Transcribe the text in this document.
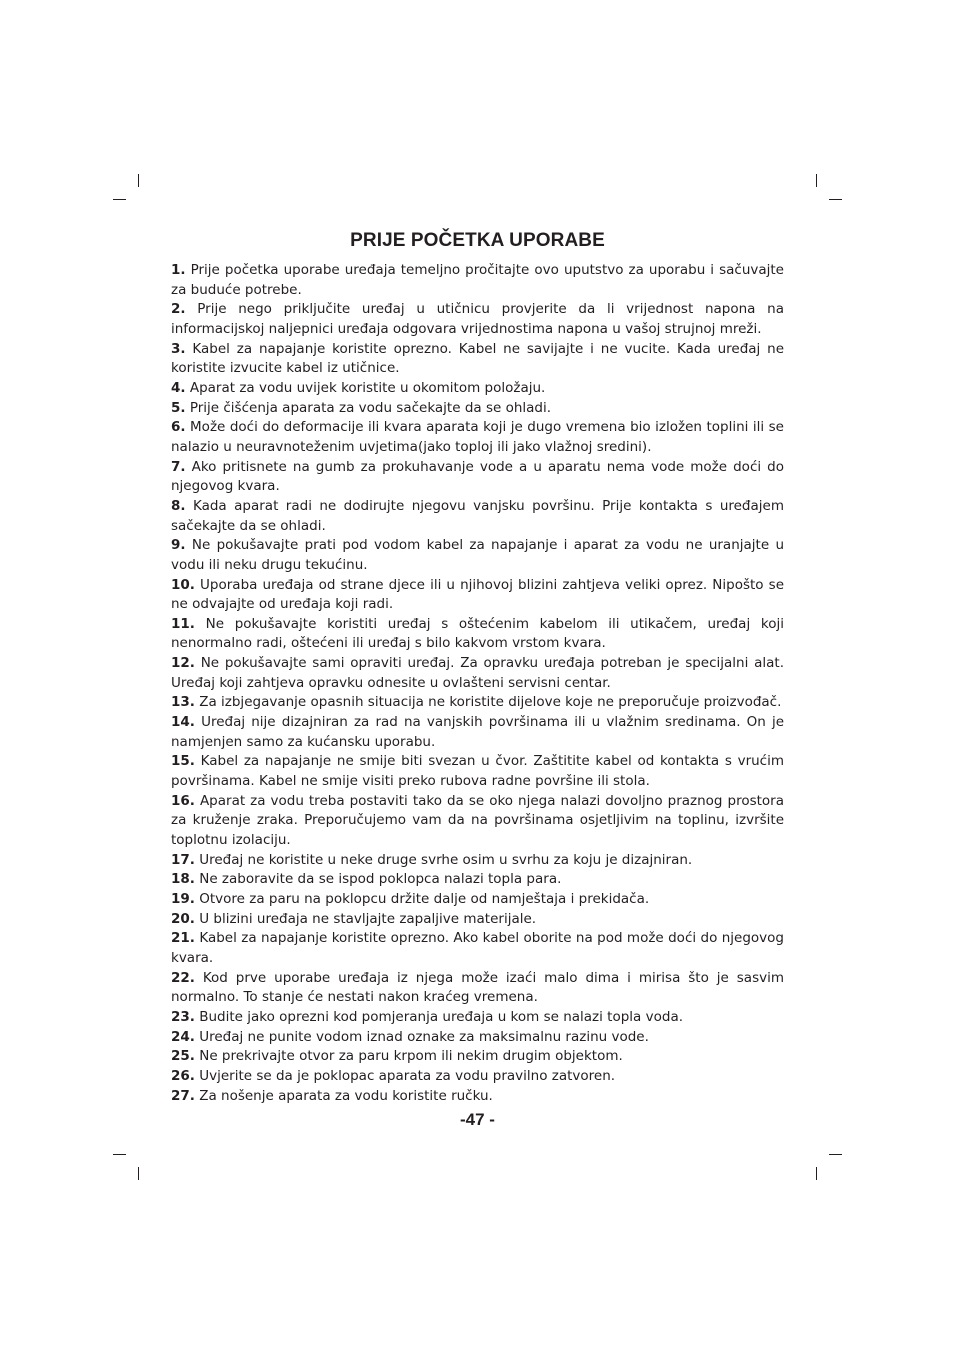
PRIJE POČETKA UPORABE
1. Prije početka uporabe uređaja temeljno pročitajte ovo uputstvo za uporabu i sačuvajte za buduće potrebe.
2. Prije nego priključite uređaj u utičnicu provjerite da li vrijednost napona na informacijskoj naljepnici uređaja odgovara vrijednostima napona u vašoj strujnoj mreži.
3. Kabel za napajanje koristite oprezno. Kabel ne savijajte i ne vucite. Kada uređaj ne koristite izvucite kabel iz utičnice.
4. Aparat za vodu uvijek koristite u okomitom položaju.
5. Prije čišćenja aparata za vodu sačekajte da se ohladi.
6. Može doći do deformacije ili kvara aparata koji je dugo vremena bio izložen toplini ili se nalazio u neuravnoteženim uvjetima(jako toploj ili jako vlažnoj sredini).
7. Ako pritisnete na gumb za prokuhavanje vode a u aparatu nema vode može doći do njegovog kvara.
8. Kada aparat radi ne dodirujte njegovu vanjsku površinu. Prije kontakta s uređajem sačekajte da se ohladi.
9. Ne pokušavajte prati pod vodom kabel za napajanje i aparat za vodu ne uranjajte u vodu ili neku drugu tekućinu.
10. Uporaba uređaja od strane djece ili u njihovoj blizini zahtjeva veliki oprez. Nipošto se ne odvajajte od uređaja koji radi.
11. Ne pokušavajte koristiti uređaj s oštećenim kabelom ili utikačem, uređaj koji nenormalno radi, oštećeni ili uređaj s bilo kakvom vrstom kvara.
12. Ne pokušavajte sami opraviti uređaj. Za opravku uređaja potreban je specijalni alat. Uređaj koji zahtjeva opravku odnesite u ovlašteni servisni centar.
13. Za izbjegavanje opasnih situacija ne koristite dijelove koje ne preporučuje proizvođač.
14. Uređaj nije dizajniran za rad na vanjskih površinama ili u vlažnim sredinama. On je namjenjen samo za kućansku uporabu.
15. Kabel za napajanje ne smije biti svezan u čvor. Zaštitite kabel od kontakta s vrućim površinama. Kabel ne smije visiti preko rubova radne površine ili stola.
16. Aparat za vodu treba postaviti tako da se oko njega nalazi dovoljno praznog prostora za kruženje zraka. Preporučujemo vam da na površinama osjetljivim na toplinu, izvršite toplotnu izolaciju.
17. Uređaj ne koristite u neke druge svrhe osim u svrhu za koju je dizajniran.
18. Ne zaboravite da se ispod poklopca nalazi topla para.
19. Otvore za paru na poklopcu držite dalje od namještaja i prekidača.
20. U blizini uređaja ne stavljajte zapaljive materijale.
21. Kabel za napajanje koristite oprezno. Ako kabel oborite na pod može doći do njegovog kvara.
22. Kod prve uporabe uređaja iz njega može izaći malo dima i mirisa što je sasvim normalno. To stanje će nestati nakon kraćeg vremena.
23. Budite jako oprezni kod pomjeranja uređaja u kom se nalazi topla voda.
24. Uređaj ne punite vodom iznad oznake za maksimalnu razinu vode.
25. Ne prekrivajte otvor za paru krpom ili nekim drugim objektom.
26. Uvjerite se da je poklopac aparata za vodu pravilno zatvoren.
27. Za nošenje aparata za vodu koristite ručku.
-47 -
